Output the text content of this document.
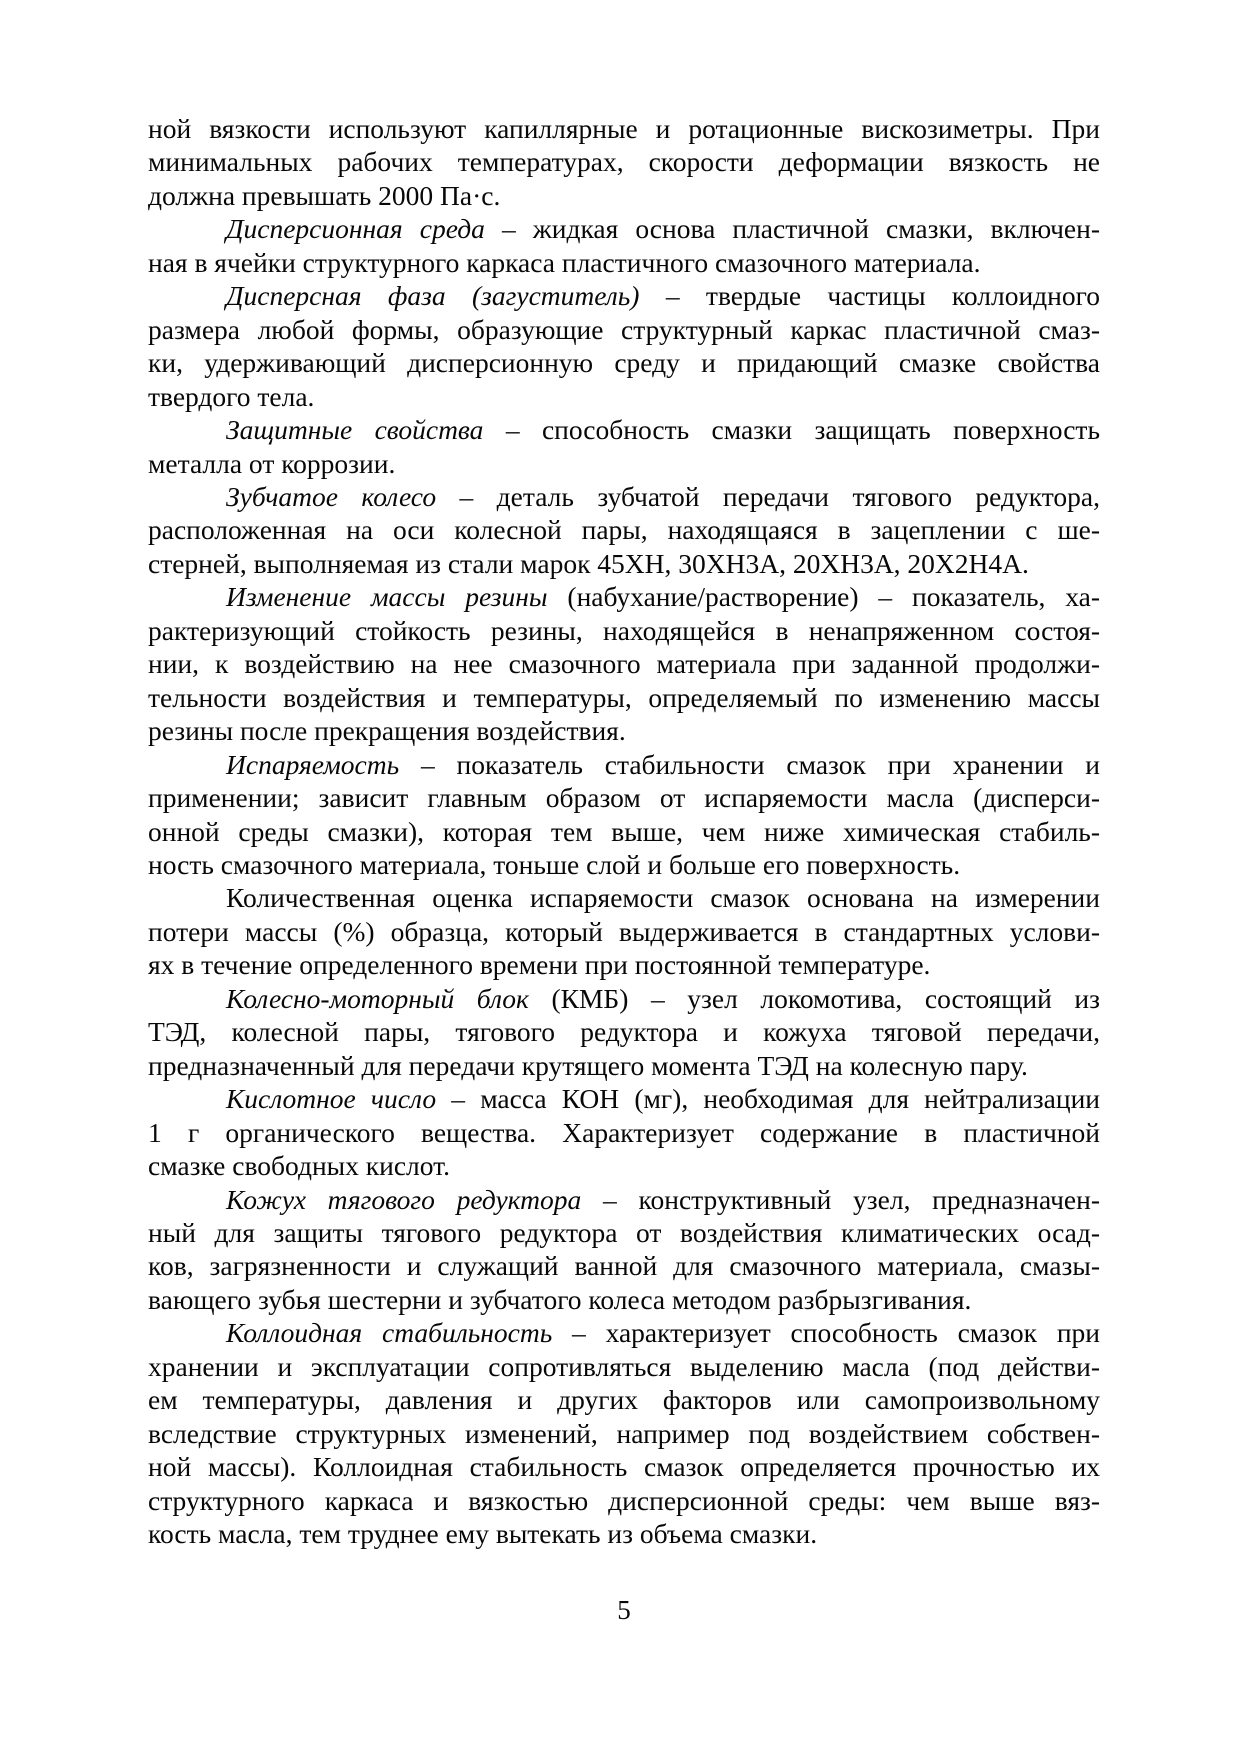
ной вязкости используют капиллярные и ротационные вискозиметры. При
минимальных рабочих температурах, скорости деформации вязкость не
должна превышать 2000 Па·с.
Дисперсионная среда – жидкая основа пластичной смазки, включен-
ная в ячейки структурного каркаса пластичного смазочного материала.
Дисперсная фаза (загуститель) – твердые частицы коллоидного
размера любой формы, образующие структурный каркас пластичной смаз-
ки, удерживающий дисперсионную среду и придающий смазке свойства
твердого тела.
Защитные свойства – способность смазки защищать поверхность
металла от коррозии.
Зубчатое колесо – деталь зубчатой передачи тягового редуктора,
расположенная на оси колесной пары, находящаяся в зацеплении с ше-
стерней, выполняемая из стали марок 45ХН, 30ХН3А, 20ХН3А, 20Х2Н4А.
Изменение массы резины (набухание/растворение) – показатель, ха-
рактеризующий стойкость резины, находящейся в ненапряженном состоя-
нии, к воздействию на нее смазочного материала при заданной продолжи-
тельности воздействия и температуры, определяемый по изменению массы
резины после прекращения воздействия.
Испаряемость – показатель стабильности смазок при хранении и
применении; зависит главным образом от испаряемости масла (дисперси-
онной среды смазки), которая тем выше, чем ниже химическая стабиль-
ность смазочного материала, тоньше слой и больше его поверхность.
Количественная оценка испаряемости смазок основана на измерении
потери массы (%) образца, который выдерживается в стандартных услови-
ях в течение определенного времени при постоянной температуре.
Колесно-моторный блок (КМБ) – узел локомотива, состоящий из
ТЭД, колесной пары, тягового редуктора и кожуха тяговой передачи,
предназначенный для передачи крутящего момента ТЭД на колесную пару.
Кислотное число – масса КОН (мг), необходимая для нейтрализации
1 г органического вещества. Характеризует содержание в пластичной
смазке свободных кислот.
Кожух тягового редуктора – конструктивный узел, предназначен-
ный для защиты тягового редуктора от воздействия климатических осад-
ков, загрязненности и служащий ванной для смазочного материала, смазы-
вающего зубья шестерни и зубчатого колеса методом разбрызгивания.
Коллоидная стабильность – характеризует способность смазок при
хранении и эксплуатации сопротивляться выделению масла (под действи-
ем температуры, давления и других факторов или самопроизвольному
вследствие структурных изменений, например под воздействием собствен-
ной массы). Коллоидная стабильность смазок определяется прочностью их
структурного каркаса и вязкостью дисперсионной среды: чем выше вяз-
кость масла, тем труднее ему вытекать из объема смазки.
5
